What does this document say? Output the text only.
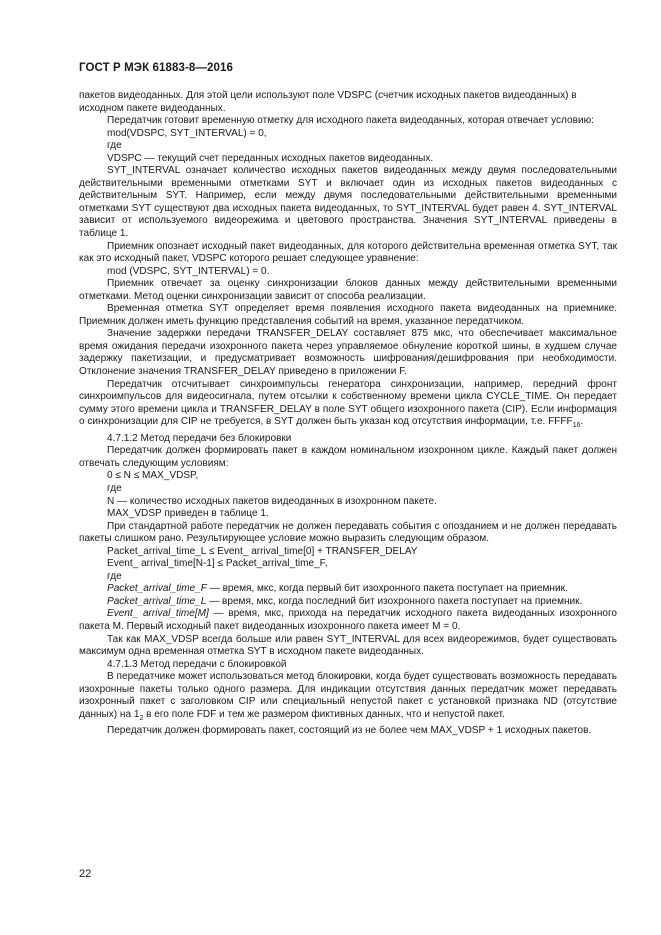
ГОСТ Р МЭК 61883-8—2016

пакетов видеоданных. Для этой цели используют поле VDSPC (счетчик исходных пакетов видеоданных) в исходном пакете видеоданных.

Передатчик готовит временную отметку для исходного пакета видеоданных, которая отвечает условию:

mod(VDSPC, SYT_INTERVAL) = 0,

где

VDSPC — текущий счет переданных исходных пакетов видеоданных.

SYT_INTERVAL означает количество исходных пакетов видеоданных между двумя последовательными действительными временными отметками SYT и включает один из исходных пакетов видеоданных с действительным SYT. Например, если между двумя последовательными действительными временными отметками SYT существуют два исходных пакета видеоданных, то SYT_INTERVAL будет равен 4. SYT_INTERVAL зависит от используемого видеорежима и цветового пространства. Значения SYT_INTERVAL приведены в таблице 1.

Приемник опознает исходный пакет видеоданных, для которого действительна временная отметка SYT, так как это исходный пакет, VDSPC которого решает следующее уравнение:

mod (VDSPC, SYT_INTERVAL) = 0.

Приемник отвечает за оценку синхронизации блоков данных между действительными временными отметками. Метод оценки синхронизации зависит от способа реализации.

Временная отметка SYT определяет время появления исходного пакета видеоданных на приемнике. Приемник должен иметь функцию представления событий на время, указанное передатчиком.

Значение задержки передачи TRANSFER_DELAY составляет 875 мкс, что обеспечивает максимальное время ожидания передачи изохронного пакета через управляемое обнуление короткой шины, в худшем случае задержку пакетизации, и предусматривает возможность шифрования/дешифрования при необходимости. Отклонение значения TRANSFER_DELAY приведено в приложении F.

Передатчик отсчитывает синхроимпульсы генератора синхронизации, например, передний фронт синхроимпульсов для видеосигнала, путем отсылки к собственному времени цикла CYCLE_TIME. Он передает сумму этого времени цикла и TRANSFER_DELAY в поле SYT общего изохронного пакета (CIP). Если информация о синхронизации для CIP не требуется, в SYT должен быть указан код отсутствия информации, т.е. $FFFF_{16}$.

4.7.1.2 Метод передачи без блокировки

Передатчик должен формировать пакет в каждом номинальном изохронном цикле. Каждый пакет должен отвечать следующим условиям:

0 ≤ N ≤ MAX_VDSP,

где

N — количество исходных пакетов видеоданных в изохронном пакете.

MAX_VDSP приведен в таблице 1.

При стандартной работе передатчик не должен передавать события с опозданием и не должен передавать пакеты слишком рано. Результирующее условие можно выразить следующим образом.

Packet_arrival_time_L ≤ Event_ arrival_time[0] + TRANSFER_DELAY

Event_ arrival_time[N-1] ≤ Packet_arrival_time_F,

где

Packet_arrival_time_F — время, мкс, когда первый бит изохронного пакета поступает на приемник.

Packet_arrival_time_L — время, мкс, когда последний бит изохронного пакета поступает на приемник.

Event_ arrival_time[M] — время, мкс, прихода на передатчик исходного пакета видеоданных изохронного пакета М. Первый исходный пакет видеоданных изохронного пакета имеет М = 0.

Так как MAX_VDSP всегда больше или равен SYT_INTERVAL для всех видеорежимов, будет существовать максимум одна временная отметка SYT в исходном пакете видеоданных.

4.7.1.3 Метод передачи с блокировкой

В передатчике может использоваться метод блокировки, когда будет существовать возможность передавать изохронные пакеты только одного размера. Для индикации отсутствия данных передатчик может передавать изохронный пакет с заголовком CIP или специальный непустой пакет с установкой признака ND (отсутствие данных) на $1_2$ в его поле FDF и тем же размером фиктивных данных, что и непустой пакет.

Передатчик должен формировать пакет, состоящий из не более чем MAX_VDSP + 1 исходных пакетов.

22
